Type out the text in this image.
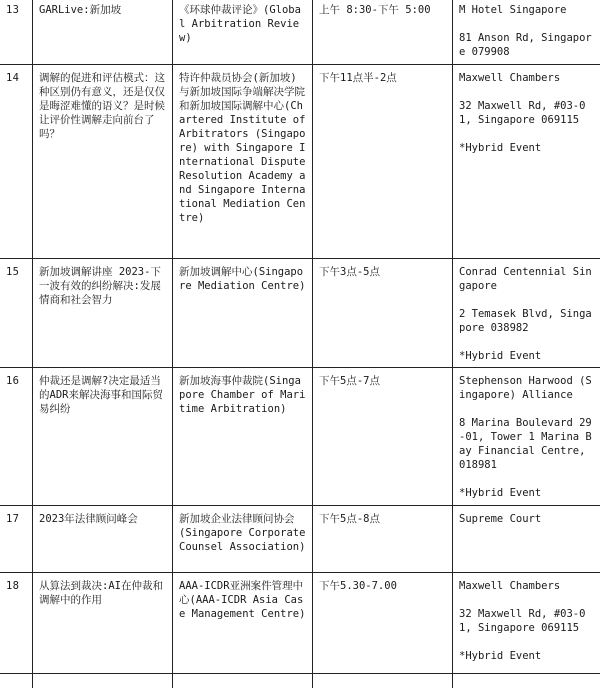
13	GARLive:新加坡	《环球仲裁评论》(Global Arbitration Review)	上午 8:30-下午 5:00	M Hotel Singapore
81 Anson Rd, Singapore 079908

14	调解的促进和评估模式：这种区别仍有意义，还是仅仅是晦涩难懂的语义？是时候让评价性调解走向前台了吗？	特许仲裁员协会(新加坡)与新加坡国际争端解决学院和新加坡国际调解中心(Chartered Institute of Arbitrators (Singapore) with Singapore International Dispute Resolution Academy and Singapore International Mediation Centre)	下午11点半-2点	Maxwell Chambers
32 Maxwell Rd, #03-01, Singapore 069115
*Hybrid Event

15	新加坡调解讲座 2023-下一波有效的纠纷解决:发展情商和社会智力	新加坡调解中心(Singapore Mediation Centre)	下午3点-5点	Conrad Centennial Singapore
2 Temasek Blvd, Singapore 038982
*Hybrid Event

16	仲裁还是调解?决定最适当的ADR来解决海事和国际贸易纠纷	新加坡海事仲裁院(Singapore Chamber of Maritime Arbitration)	下午5点-7点	Stephenson Harwood (Singapore) Alliance
8 Marina Boulevard 29-01, Tower 1 Marina Bay Financial Centre, 018981
*Hybrid Event

17	2023年法律顾问峰会	新加坡企业法律顾问协会(Singapore Corporate Counsel Association)	下午5点-8点	Supreme Court

18	从算法到裁决:AI在仲裁和调解中的作用	AAA-ICDR亚洲案件管理中心(AAA-ICDR Asia Case Management Centre)	下午5.30-7.00	Maxwell Chambers
32 Maxwell Rd, #03-01, Singapore 069115
*Hybrid Event
